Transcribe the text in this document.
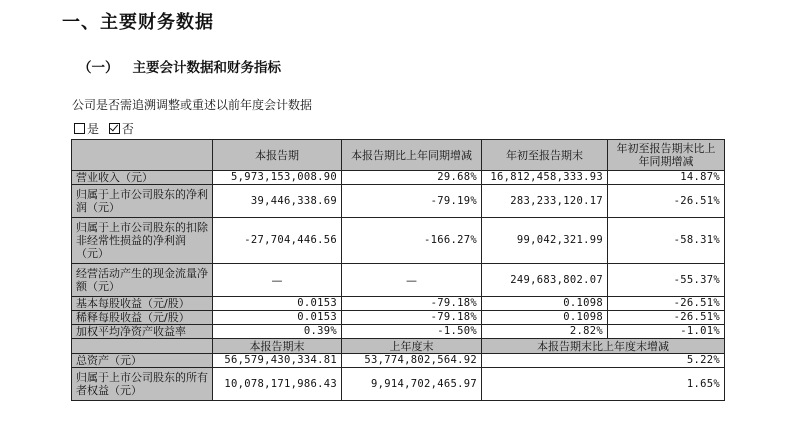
一、主要财务数据
（一） 主要会计数据和财务指标
公司是否需追溯调整或重述以前年度会计数据
是 否
	本报告期	本报告期比上年同期增减	年初至报告期末	年初至报告期末比上年同期增减
营业收入（元）	5,973,153,008.90	29.68%	16,812,458,333.93	14.87%
归属于上市公司股东的净利润（元）	39,446,338.69	-79.19%	283,233,120.17	-26.51%
归属于上市公司股东的扣除非经常性损益的净利润（元）	-27,704,446.56	-166.27%	99,042,321.99	-58.31%
经营活动产生的现金流量净额（元）	—	—	249,683,802.07	-55.37%
基本每股收益（元/股）	0.0153	-79.18%	0.1098	-26.51%
稀释每股收益（元/股）	0.0153	-79.18%	0.1098	-26.51%
加权平均净资产收益率	0.39%	-1.50%	2.82%	-1.01%
	本报告期末	上年度末	本报告期末比上年度末增减	
总资产（元）	56,579,430,334.81	53,774,802,564.92	5.22%	
归属于上市公司股东的所有者权益（元）	10,078,171,986.43	9,914,702,465.97	1.65%	
